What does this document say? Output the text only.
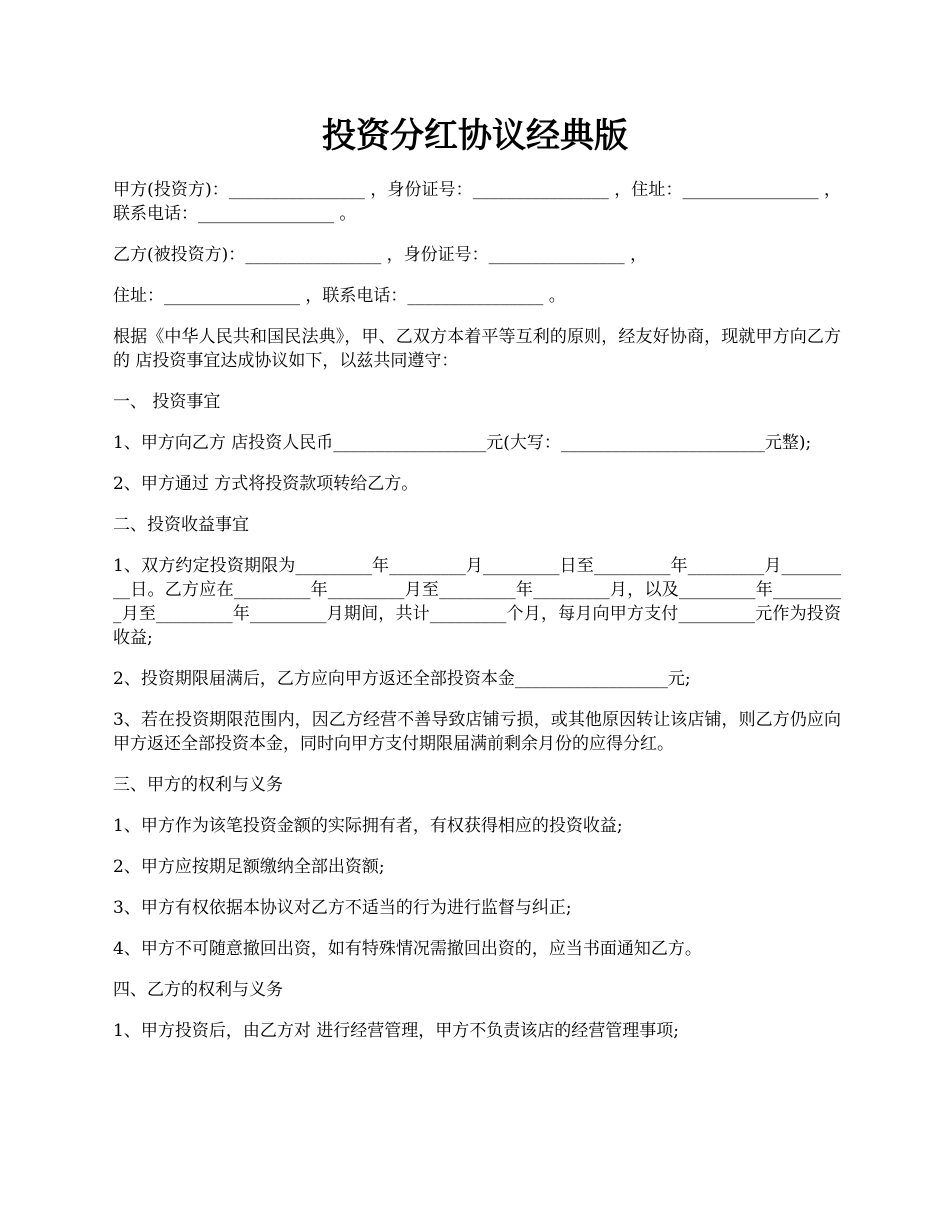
投资分红协议经典版

甲方(投资方)：________________ ，身份证号：________________ ，住址：________________ ，联系电话：________________ 。

乙方(被投资方)：________________ ，身份证号：________________ ，

住址：________________ ，联系电话：________________ 。

根据《中华人民共和国民法典》，甲、乙双方本着平等互利的原则，经友好协商，现就甲方向乙方的 店投资事宜达成协议如下，以兹共同遵守：

一、 投资事宜

1、甲方向乙方 店投资人民币__________________元(大写：________________________元整);

2、甲方通过 方式将投资款项转给乙方。

二、投资收益事宜

1、双方约定投资期限为_________年_________月_________日至_________年_________月_________日。乙方应在_________年_________月至_________年_________月，以及_________年_________月至_________年_________月期间，共计_________个月，每月向甲方支付_________元作为投资收益;

2、投资期限届满后，乙方应向甲方返还全部投资本金__________________元;

3、若在投资期限范围内，因乙方经营不善导致店铺亏损，或其他原因转让该店铺，则乙方仍应向甲方返还全部投资本金，同时向甲方支付期限届满前剩余月份的应得分红。

三、甲方的权利与义务

1、甲方作为该笔投资金额的实际拥有者，有权获得相应的投资收益;

2、甲方应按期足额缴纳全部出资额;

3、甲方有权依据本协议对乙方不适当的行为进行监督与纠正;

4、甲方不可随意撤回出资，如有特殊情况需撤回出资的，应当书面通知乙方。

四、乙方的权利与义务

1、甲方投资后，由乙方对 进行经营管理，甲方不负责该店的经营管理事项;
